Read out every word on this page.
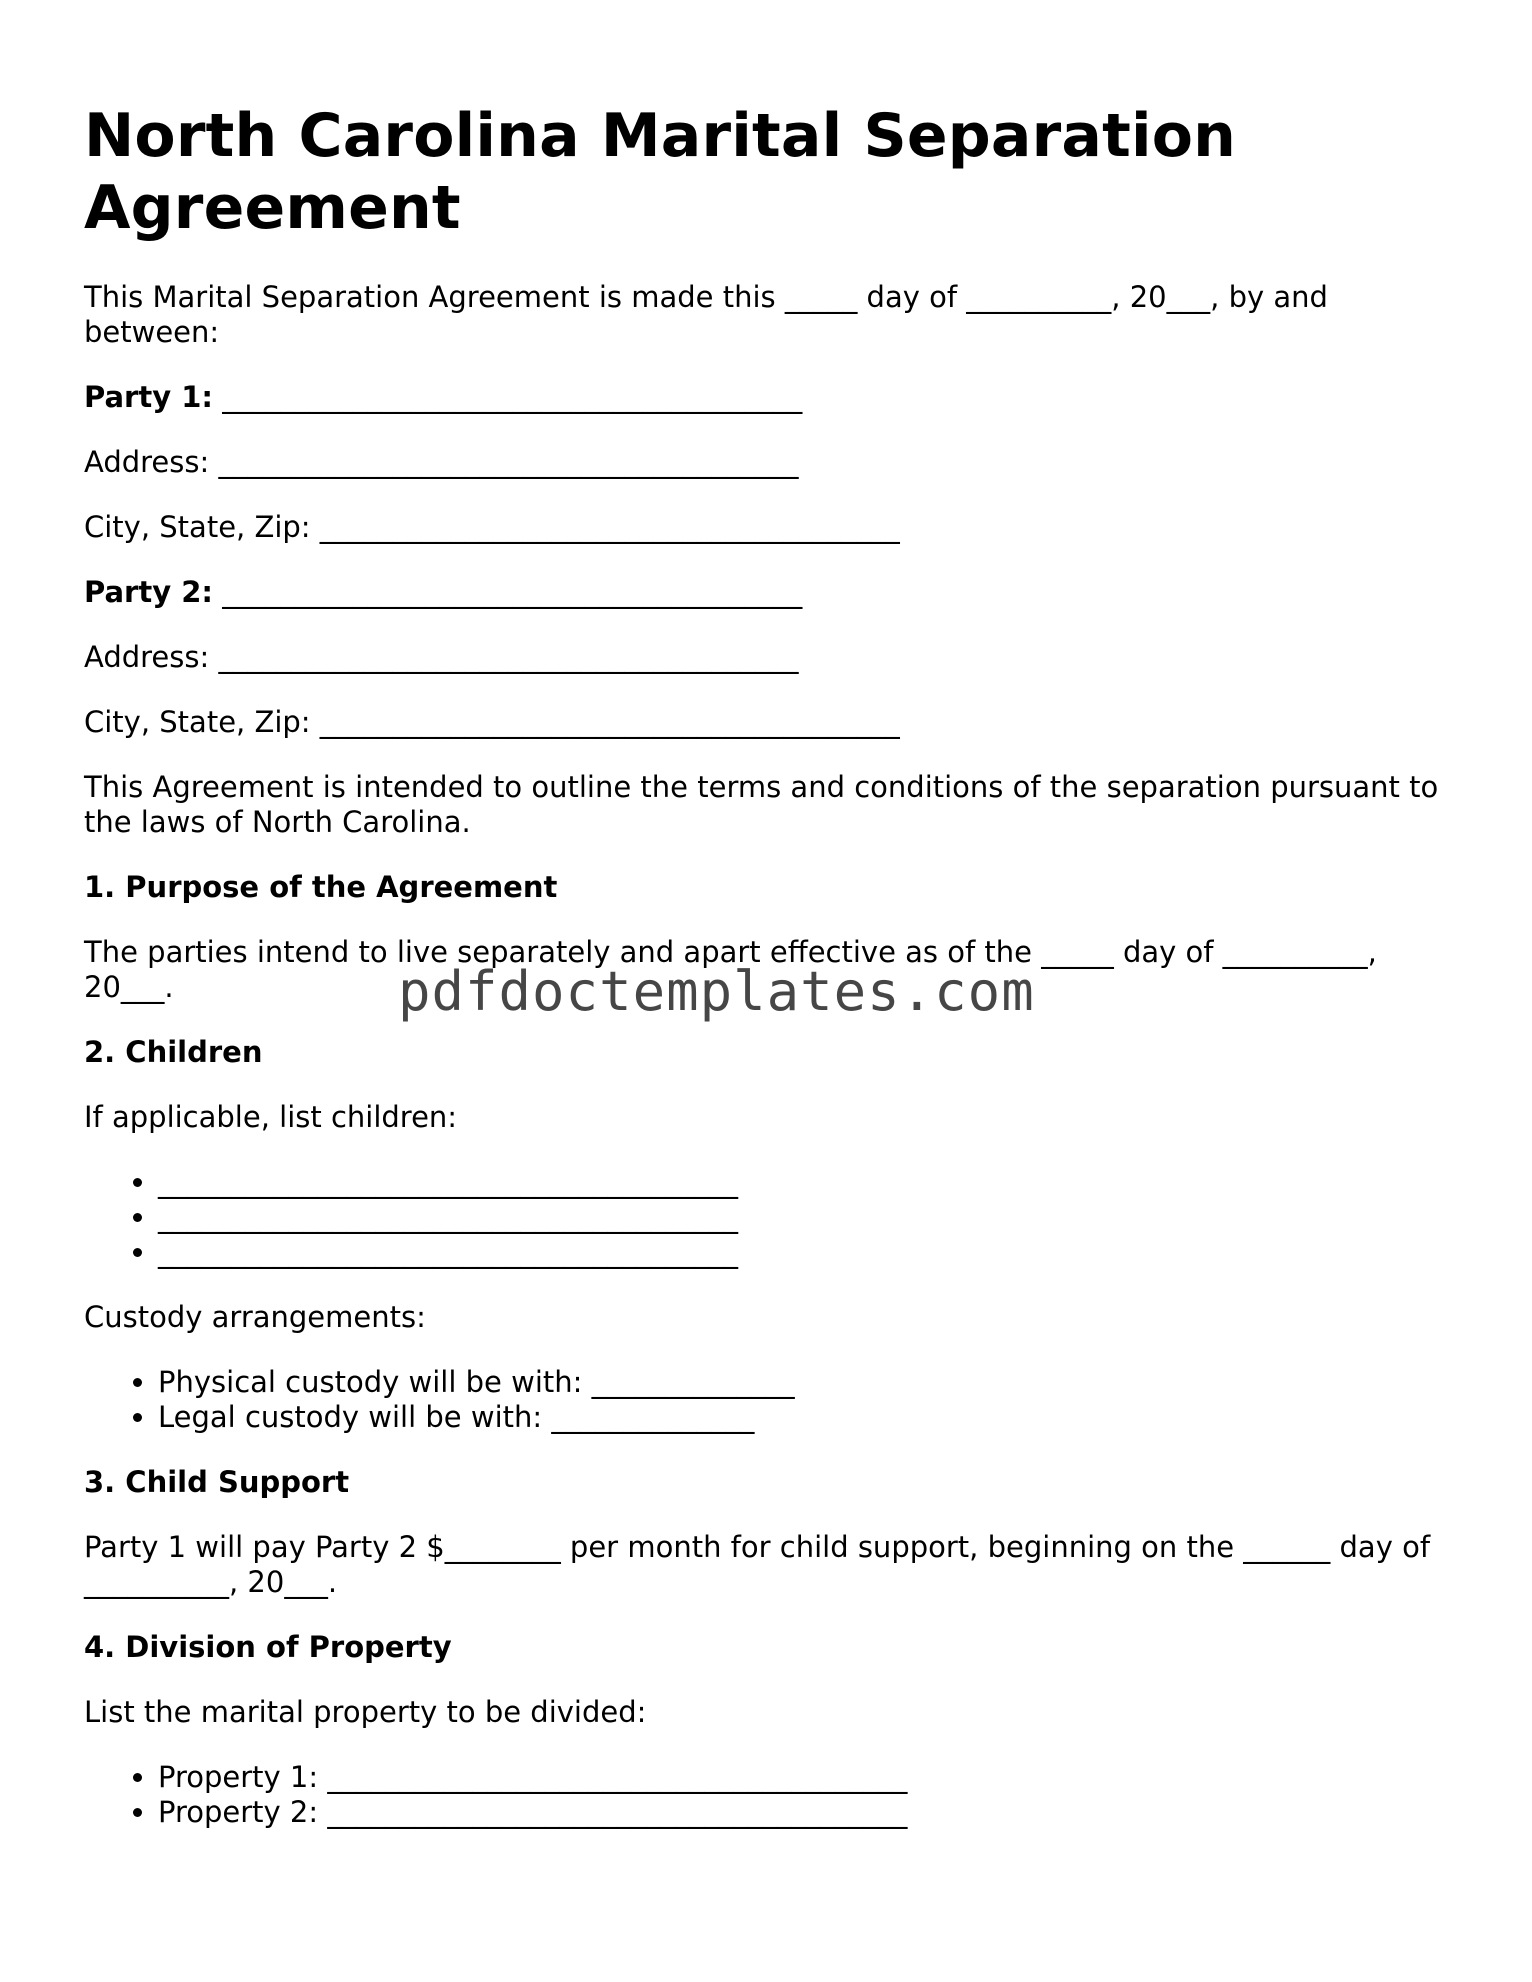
North Carolina Marital Separation Agreement

This Marital Separation Agreement is made this _____ day of __________, 20___, by and between:

Party 1: ________________________________________

Address: ________________________________________

City, State, Zip: ________________________________________

Party 2: ________________________________________

Address: ________________________________________

City, State, Zip: ________________________________________

This Agreement is intended to outline the terms and conditions of the separation pursuant to the laws of North Carolina.

1. Purpose of the Agreement

The parties intend to live separately and apart effective as of the _____ day of __________, 20___.

2. Children

If applicable, list children:

• ________________________________________
• ________________________________________
• ________________________________________

Custody arrangements:

• Physical custody will be with: ______________
• Legal custody will be with: ______________
3. Child Support

Party 1 will pay Party 2 $________ per month for child support, beginning on the ______ day of __________, 20___.

4. Division of Property

List the marital property to be divided:

• Property 1: ________________________________________
• Property 2: ________________________________________
pdfdoctemplates.com
